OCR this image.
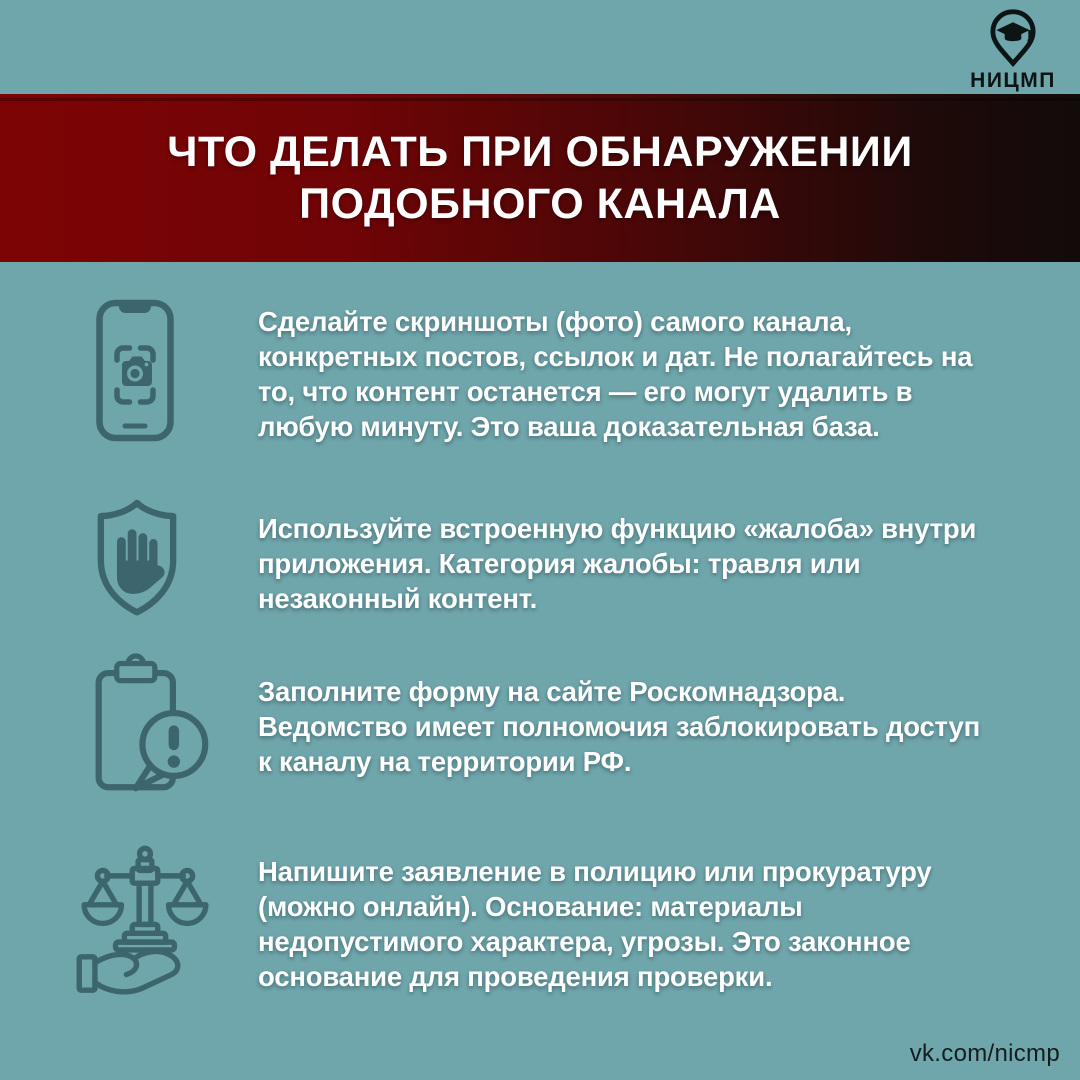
НИЦМП
ЧТО ДЕЛАТЬ ПРИ ОБНАРУЖЕНИИ
ПОДОБНОГО КАНАЛА

Сделайте скриншоты (фото) самого канала, конкретных постов, ссылок и дат. Не полагайтесь на то, что контент останется — его могут удалить в любую минуту. Это ваша доказательная база.

Используйте встроенную функцию «жалоба» внутри приложения. Категория жалобы: травля или незаконный контент.

Заполните форму на сайте Роскомнадзора. Ведомство имеет полномочия заблокировать доступ к каналу на территории РФ.

Напишите заявление в полицию или прокуратуру (можно онлайн). Основание: материалы недопустимого характера, угрозы. Это законное основание для проведения проверки.

vk.com/nicmp
